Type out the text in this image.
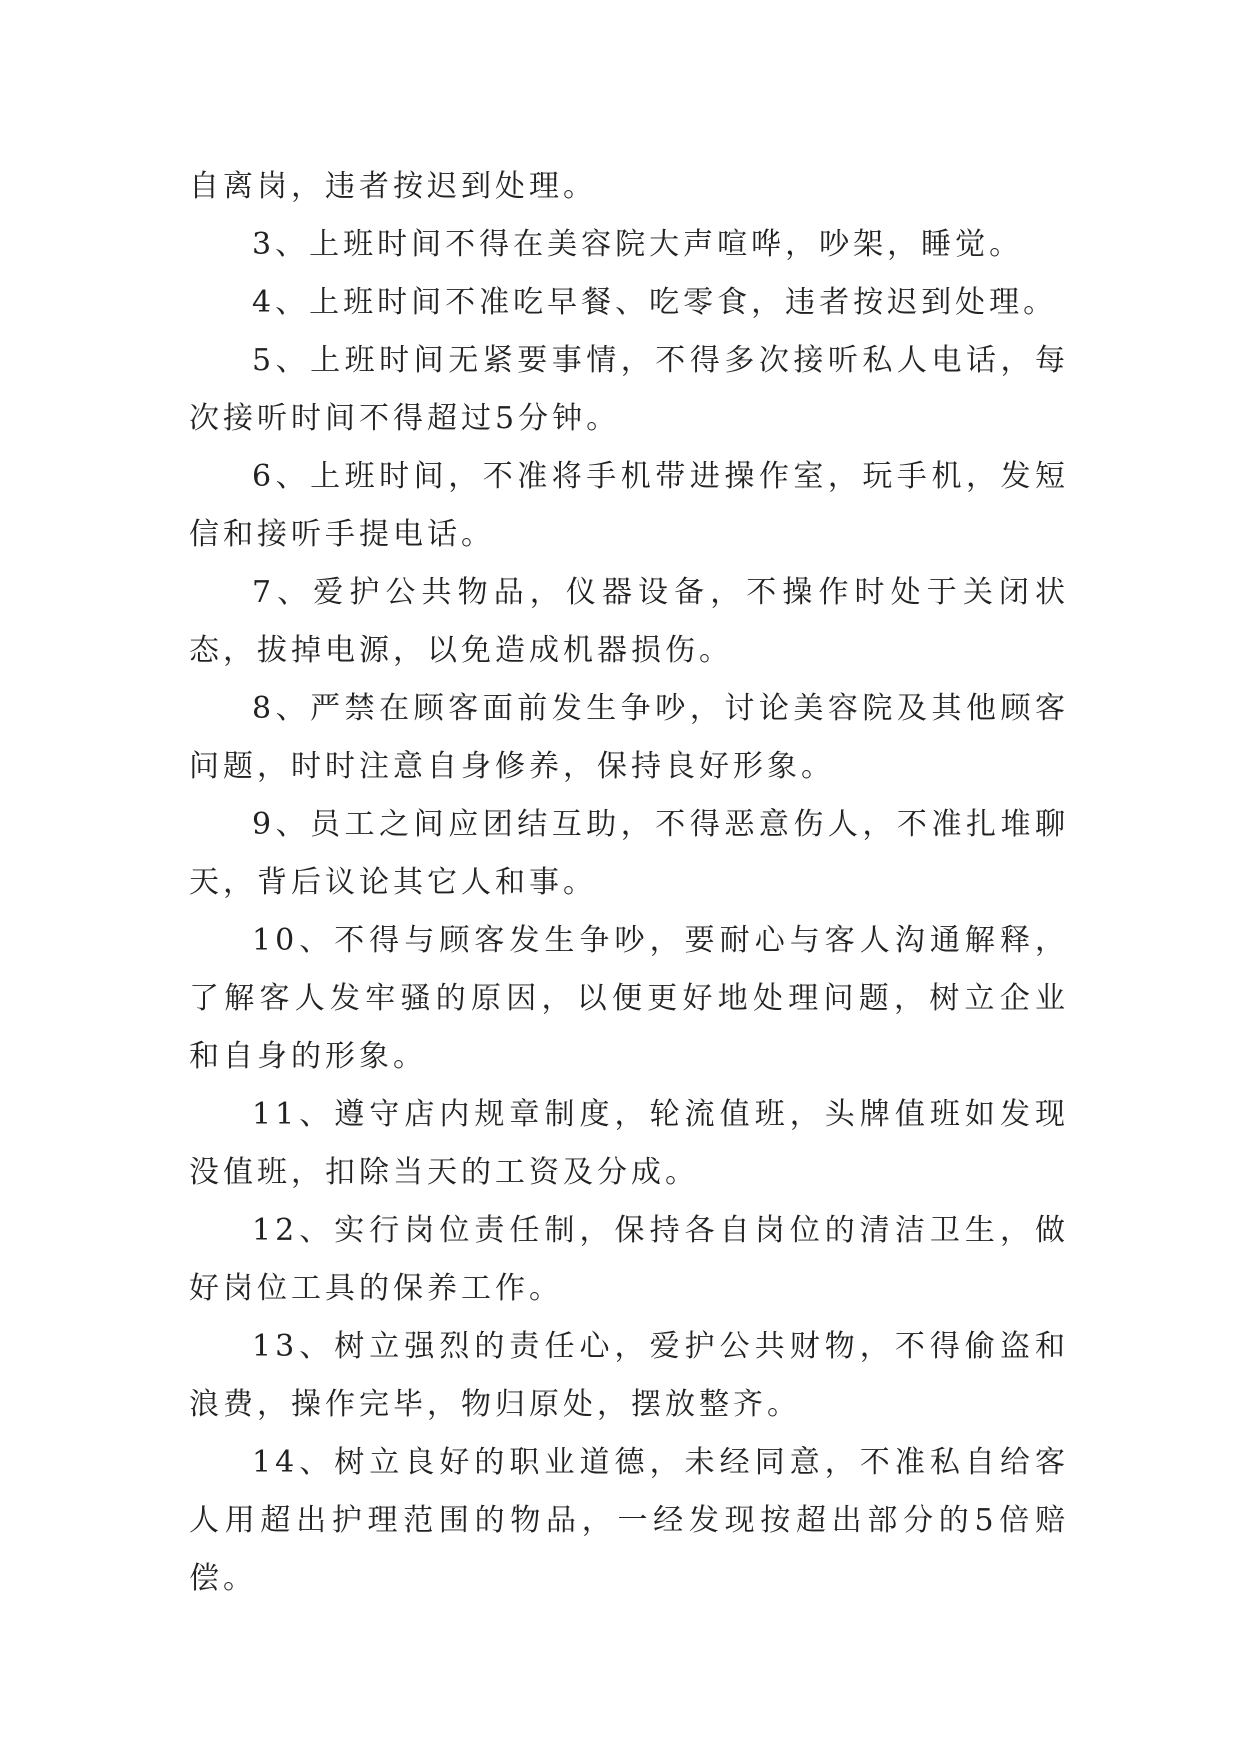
自离岗，违者按迟到处理。

3、上班时间不得在美容院大声喧哗，吵架，睡觉。

4、上班时间不准吃早餐、吃零食，违者按迟到处理。

5、上班时间无紧要事情，不得多次接听私人电话，每次接听时间不得超过5分钟。

6、上班时间，不准将手机带进操作室，玩手机，发短信和接听手提电话。

7、爱护公共物品，仪器设备，不操作时处于关闭状态，拔掉电源，以免造成机器损伤。

8、严禁在顾客面前发生争吵，讨论美容院及其他顾客问题，时时注意自身修养，保持良好形象。

9、员工之间应团结互助，不得恶意伤人，不准扎堆聊天，背后议论其它人和事。

10、不得与顾客发生争吵，要耐心与客人沟通解释，了解客人发牢骚的原因，以便更好地处理问题，树立企业和自身的形象。

11、遵守店内规章制度，轮流值班，头牌值班如发现没值班，扣除当天的工资及分成。

12、实行岗位责任制，保持各自岗位的清洁卫生，做好岗位工具的保养工作。

13、树立强烈的责任心，爱护公共财物，不得偷盗和浪费，操作完毕，物归原处，摆放整齐。

14、树立良好的职业道德，未经同意，不准私自给客人用超出护理范围的物品，一经发现按超出部分的5倍赔偿。
